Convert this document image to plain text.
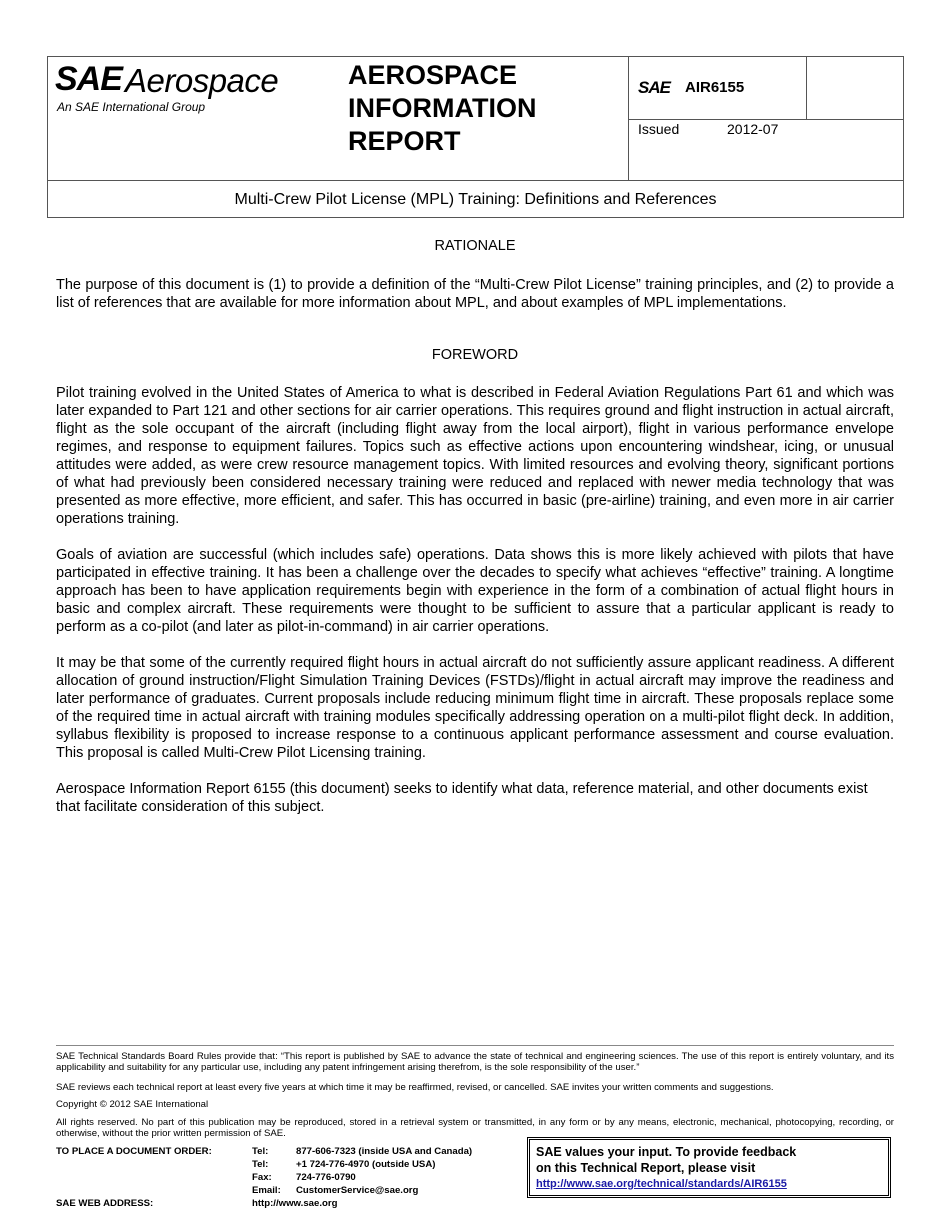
SAE Aerospace
An SAE International Group
AEROSPACE
INFORMATION
REPORT
SAE AIR6155
Issued	2012-07
Multi-Crew Pilot License (MPL) Training: Definitions and References
RATIONALE

The purpose of this document is (1) to provide a definition of the “Multi-Crew Pilot License” training principles, and (2) to provide a list of references that are available for more information about MPL, and about examples of MPL implementations.

FOREWORD

Pilot training evolved in the United States of America to what is described in Federal Aviation Regulations Part 61 and which was later expanded to Part 121 and other sections for air carrier operations. This requires ground and flight instruction in actual aircraft, flight as the sole occupant of the aircraft (including flight away from the local airport), flight in various performance envelope regimes, and response to equipment failures. Topics such as effective actions upon encountering windshear, icing, or unusual attitudes were added, as were crew resource management topics. With limited resources and evolving theory, significant portions of what had previously been considered necessary training were reduced and replaced with newer media technology that was presented as more effective, more efficient, and safer. This has occurred in basic (pre-airline) training, and even more in air carrier operations training.

Goals of aviation are successful (which includes safe) operations. Data shows this is more likely achieved with pilots that have participated in effective training. It has been a challenge over the decades to specify what achieves “effective” training. A longtime approach has been to have application requirements begin with experience in the form of a combination of actual flight hours in basic and complex aircraft. These requirements were thought to be sufficient to assure that a particular applicant is ready to perform as a co-pilot (and later as pilot-in-command) in air carrier operations.

It may be that some of the currently required flight hours in actual aircraft do not sufficiently assure applicant readiness. A different allocation of ground instruction/Flight Simulation Training Devices (FSTDs)/flight in actual aircraft may improve the readiness and later performance of graduates. Current proposals include reducing minimum flight time in aircraft. These proposals replace some of the required time in actual aircraft with training modules specifically addressing operation on a multi-pilot flight deck. In addition, syllabus flexibility is proposed to increase response to a continuous applicant performance assessment and course evaluation. This proposal is called Multi-Crew Pilot Licensing training.

Aerospace Information Report 6155 (this document) seeks to identify what data, reference material, and other documents exist that facilitate consideration of this subject.

SAE Technical Standards Board Rules provide that: “This report is published by SAE to advance the state of technical and engineering sciences. The use of this report is entirely voluntary, and its applicability and suitability for any particular use, including any patent infringement arising therefrom, is the sole responsibility of the user.”

SAE reviews each technical report at least every five years at which time it may be reaffirmed, revised, or cancelled. SAE invites your written comments and suggestions.

Copyright © 2012 SAE International

All rights reserved. No part of this publication may be reproduced, stored in a retrieval system or transmitted, in any form or by any means, electronic, mechanical, photocopying, recording, or otherwise, without the prior written permission of SAE.

TO PLACE A DOCUMENT ORDER:	Tel:	877-606-7323 (inside USA and Canada)
Tel:	+1 724-776-4970 (outside USA)
Fax:	724-776-0790
Email: CustomerService@sae.org
SAE WEB ADDRESS:	http://www.sae.org
SAE values your input. To provide feedback
on this Technical Report, please visit
http://www.sae.org/technical/standards/AIR6155
